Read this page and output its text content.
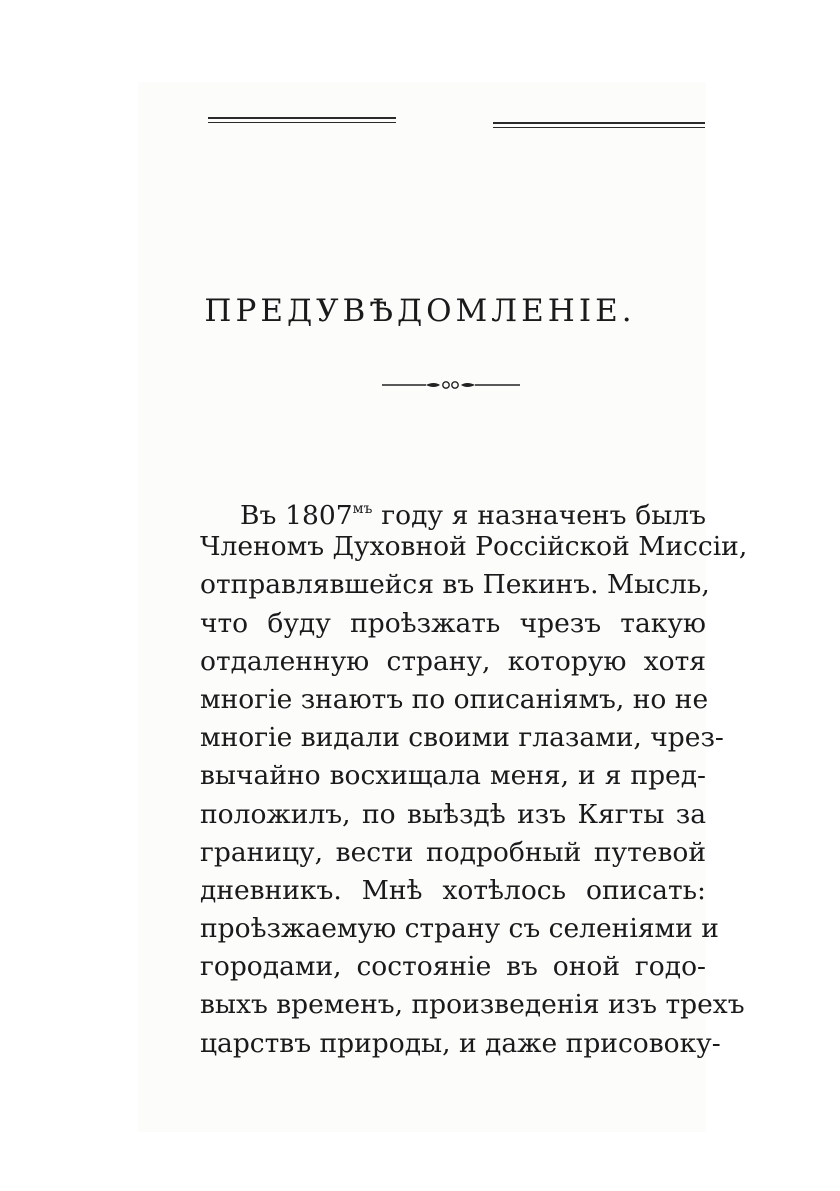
ПРЕДУВѢДОМЛЕНІЕ.
Въ $1807^{мъ}$ году я назначенъ былъ
Членомъ Духовной Россійской Миссіи,
отправлявшейся въ Пекинъ. Мысль,
что буду проѣзжать чрезъ такую
отдаленную страну, которую хотя
многіе знаютъ по описаніямъ, но не
многіе видали своими глазами, чрез-
вычайно восхищала меня, и я пред-
положилъ, по выѣздѣ изъ Кягты за
границу, вести подробный путевой
дневникъ. Мнѣ хотѣлось описать:
проѣзжаемую страну съ селеніями и
городами, состояніе въ оной годо-
выхъ временъ, произведенія изъ трехъ
царствъ природы, и даже присовоку-
